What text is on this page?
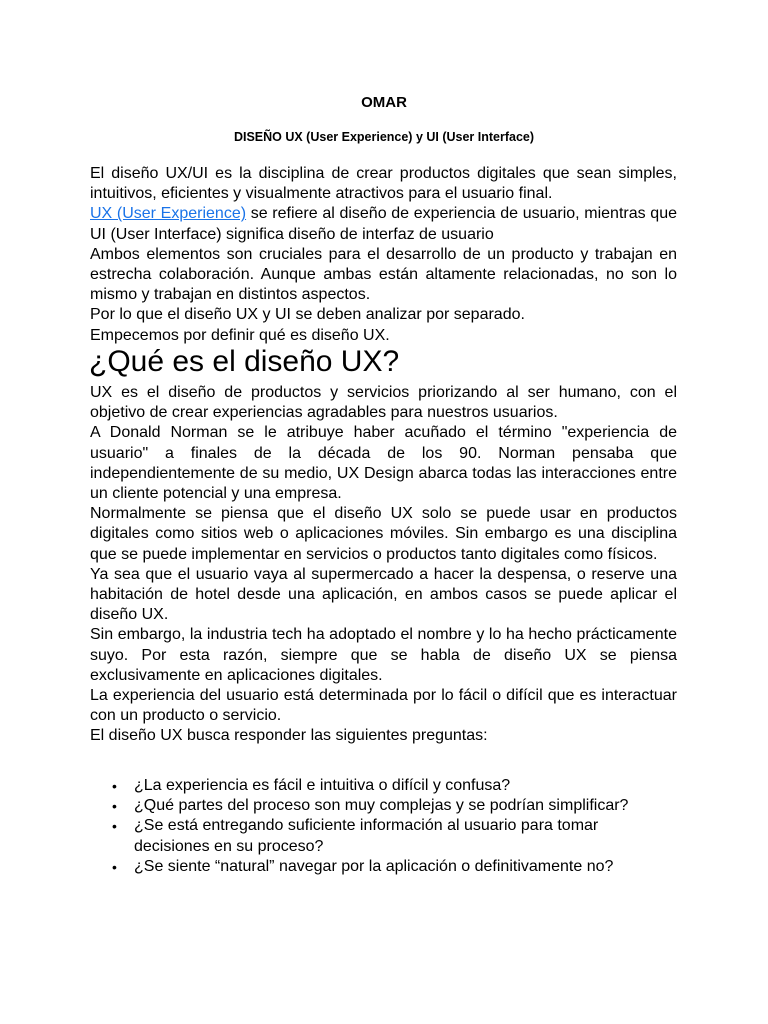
OMAR
DISEÑO UX (User Experience) y UI (User Interface)

El diseño UX/UI es la disciplina de crear productos digitales que sean simples, intuitivos, eficientes y visualmente atractivos para el usuario final.

UX (User Experience) se refiere al diseño de experiencia de usuario, mientras que UI (User Interface) significa diseño de interfaz de usuario

Ambos elementos son cruciales para el desarrollo de un producto y trabajan en estrecha colaboración. Aunque ambas están altamente relacionadas, no son lo mismo y trabajan en distintos aspectos.

Por lo que el diseño UX y UI se deben analizar por separado.

Empecemos por definir qué es diseño UX.

¿Qué es el diseño UX?

UX es el diseño de productos y servicios priorizando al ser humano, con el objetivo de crear experiencias agradables para nuestros usuarios.

A Donald Norman se le atribuye haber acuñado el término "experiencia de usuario" a finales de la década de los 90. Norman pensaba que independientemente de su medio, UX Design abarca todas las interacciones entre un cliente potencial y una empresa.

Normalmente se piensa que el diseño UX solo se puede usar en productos digitales como sitios web o aplicaciones móviles. Sin embargo es una disciplina que se puede implementar en servicios o productos tanto digitales como físicos.

Ya sea que el usuario vaya al supermercado a hacer la despensa, o reserve una habitación de hotel desde una aplicación, en ambos casos se puede aplicar el diseño UX.

Sin embargo, la industria tech ha adoptado el nombre y lo ha hecho prácticamente suyo. Por esta razón, siempre que se habla de diseño UX se piensa exclusivamente en aplicaciones digitales.

La experiencia del usuario está determinada por lo fácil o difícil que es interactuar con un producto o servicio.

El diseño UX busca responder las siguientes preguntas:

• ¿La experiencia es fácil e intuitiva o difícil y confusa?
• ¿Qué partes del proceso son muy complejas y se podrían simplificar?
• ¿Se está entregando suficiente información al usuario para tomar decisiones en su proceso?
• ¿Se siente “natural” navegar por la aplicación o definitivamente no?
